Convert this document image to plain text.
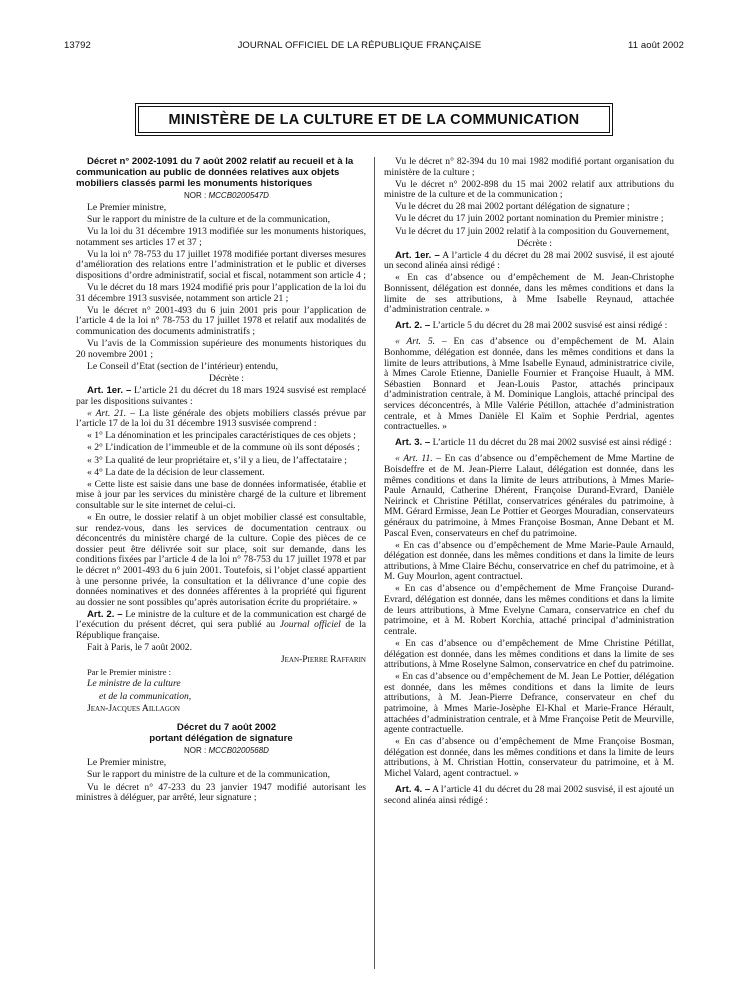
13792	JOURNAL OFFICIEL DE LA RÉPUBLIQUE FRANÇAISE	11 août 2002
MINISTÈRE DE LA CULTURE ET DE LA COMMUNICATION

Décret n° 2002-1091 du 7 août 2002 relatif au recueil et à la communication au public de données relatives aux objets mobiliers classés parmi les monuments historiques

NOR : MCCB0200547D

Le Premier ministre,

Sur le rapport du ministre de la culture et de la communication,

Vu la loi du 31 décembre 1913 modifiée sur les monuments historiques, notamment ses articles 17 et 37 ;

Vu la loi n° 78-753 du 17 juillet 1978 modifiée portant diverses mesures d’amélioration des relations entre l’administration et le public et diverses dispositions d’ordre administratif, social et fiscal, notamment son article 4 ;

Vu le décret du 18 mars 1924 modifié pris pour l’application de la loi du 31 décembre 1913 susvisée, notamment son article 21 ;

Vu le décret n° 2001-493 du 6 juin 2001 pris pour l’application de l’article 4 de la loi n° 78-753 du 17 juillet 1978 et relatif aux modalités de communication des documents administratifs ;

Vu l’avis de la Commission supérieure des monuments historiques du 20 novembre 2001 ;

Le Conseil d’Etat (section de l’intérieur) entendu,

Décrète :

Art. 1er. – L’article 21 du décret du 18 mars 1924 susvisé est remplacé par les dispositions suivantes :

« Art. 21. – La liste générale des objets mobiliers classés prévue par l’article 17 de la loi du 31 décembre 1913 susvisée comprend :

« 1° La dénomination et les principales caractéristiques de ces objets ;

« 2° L’indication de l’immeuble et de la commune où ils sont déposés ;

« 3° La qualité de leur propriétaire et, s’il y a lieu, de l’affectataire ;

« 4° La date de la décision de leur classement.

« Cette liste est saisie dans une base de données informatisée, établie et mise à jour par les services du ministère chargé de la culture et librement consultable sur le site internet de celui-ci.

« En outre, le dossier relatif à un objet mobilier classé est consultable, sur rendez-vous, dans les services de documentation centraux ou déconcentrés du ministère chargé de la culture. Copie des pièces de ce dossier peut être délivrée soit sur place, soit sur demande, dans les conditions fixées par l’article 4 de la loi n° 78-753 du 17 juillet 1978 et par le décret n° 2001-493 du 6 juin 2001. Toutefois, si l’objet classé appartient à une personne privée, la consultation et la délivrance d’une copie des données nominatives et des données afférentes à la propriété qui figurent au dossier ne sont possibles qu’après autorisation écrite du propriétaire. »

Art. 2. – Le ministre de la culture et de la communication est chargé de l’exécution du présent décret, qui sera publié au Journal officiel de la République française.

Fait à Paris, le 7 août 2002.

Jean-Pierre Raffarin

Par le Premier ministre :

Le ministre de la culture

et de la communication,

Jean-Jacques Aillagon

Décret du 7 août 2002
portant délégation de signature

NOR : MCCB0200568D

Le Premier ministre,

Sur le rapport du ministre de la culture et de la communication,

Vu le décret n° 47-233 du 23 janvier 1947 modifié autorisant les ministres à déléguer, par arrêté, leur signature ;

Vu le décret n° 82-394 du 10 mai 1982 modifié portant organisation du ministère de la culture ;

Vu le décret n° 2002-898 du 15 mai 2002 relatif aux attributions du ministre de la culture et de la communication ;

Vu le décret du 28 mai 2002 portant délégation de signature ;

Vu le décret du 17 juin 2002 portant nomination du Premier ministre ;

Vu le décret du 17 juin 2002 relatif à la composition du Gouvernement,

Décrète :

Art. 1er. – A l’article 4 du décret du 28 mai 2002 susvisé, il est ajouté un second alinéa ainsi rédigé :

« En cas d’absence ou d’empêchement de M. Jean-Christophe Bonnissent, délégation est donnée, dans les mêmes conditions et dans la limite de ses attributions, à Mme Isabelle Reynaud, attachée d’administration centrale. »

Art. 2. – L’article 5 du décret du 28 mai 2002 susvisé est ainsi rédigé :

« Art. 5. – En cas d’absence ou d’empêchement de M. Alain Bonhomme, délégation est donnée, dans les mêmes conditions et dans la limite de leurs attributions, à Mme Isabelle Eynaud, administratrice civile, à Mmes Carole Etienne, Danielle Fournier et Françoise Huault, à MM. Sébastien Bonnard et Jean-Louis Pastor, attachés principaux d’administration centrale, à M. Dominique Langlois, attaché principal des services déconcentrés, à Mlle Valérie Pétillon, attachée d’administration centrale, et à Mmes Danièle El Kaïm et Sophie Perdrial, agentes contractuelles. »

Art. 3. – L’article 11 du décret du 28 mai 2002 susvisé est ainsi rédigé :

« Art. 11. – En cas d’absence ou d’empêchement de Mme Martine de Boisdeffre et de M. Jean-Pierre Lalaut, délégation est donnée, dans les mêmes conditions et dans la limite de leurs attributions, à Mmes Marie-Paule Arnauld, Catherine Dhérent, Françoise Durand-Evrard, Danièle Neirinck et Christine Pétillat, conservatrices générales du patrimoine, à MM. Gérard Ermisse, Jean Le Pottier et Georges Mouradian, conservateurs généraux du patrimoine, à Mmes Françoise Bosman, Anne Debant et M. Pascal Even, conservateurs en chef du patrimoine.

« En cas d’absence ou d’empêchement de Mme Marie-Paule Arnauld, délégation est donnée, dans les mêmes conditions et dans la limite de leurs attributions, à Mme Claire Béchu, conservatrice en chef du patrimoine, et à M. Guy Mourlon, agent contractuel.

« En cas d’absence ou d’empêchement de Mme Françoise Durand-Evrard, délégation est donnée, dans les mêmes conditions et dans la limite de leurs attributions, à Mme Evelyne Camara, conservatrice en chef du patrimoine, et à M. Robert Korchia, attaché principal d’administration centrale.

« En cas d’absence ou d’empêchement de Mme Christine Pétillat, délégation est donnée, dans les mêmes conditions et dans la limite de ses attributions, à Mme Roselyne Salmon, conservatrice en chef du patrimoine.

« En cas d’absence ou d’empêchement de M. Jean Le Pottier, délégation est donnée, dans les mêmes conditions et dans la limite de leurs attributions, à M. Jean-Pierre Defrance, conservateur en chef du patrimoine, à Mmes Marie-Josèphe El-Khal et Marie-France Hérault, attachées d’administration centrale, et à Mme Françoise Petit de Meurville, agente contractuelle.

« En cas d’absence ou d’empêchement de Mme Françoise Bosman, délégation est donnée, dans les mêmes conditions et dans la limite de leurs attributions, à M. Christian Hottin, conservateur du patrimoine, et à M. Michel Valard, agent contractuel. »

Art. 4. – A l’article 41 du décret du 28 mai 2002 susvisé, il est ajouté un second alinéa ainsi rédigé :
